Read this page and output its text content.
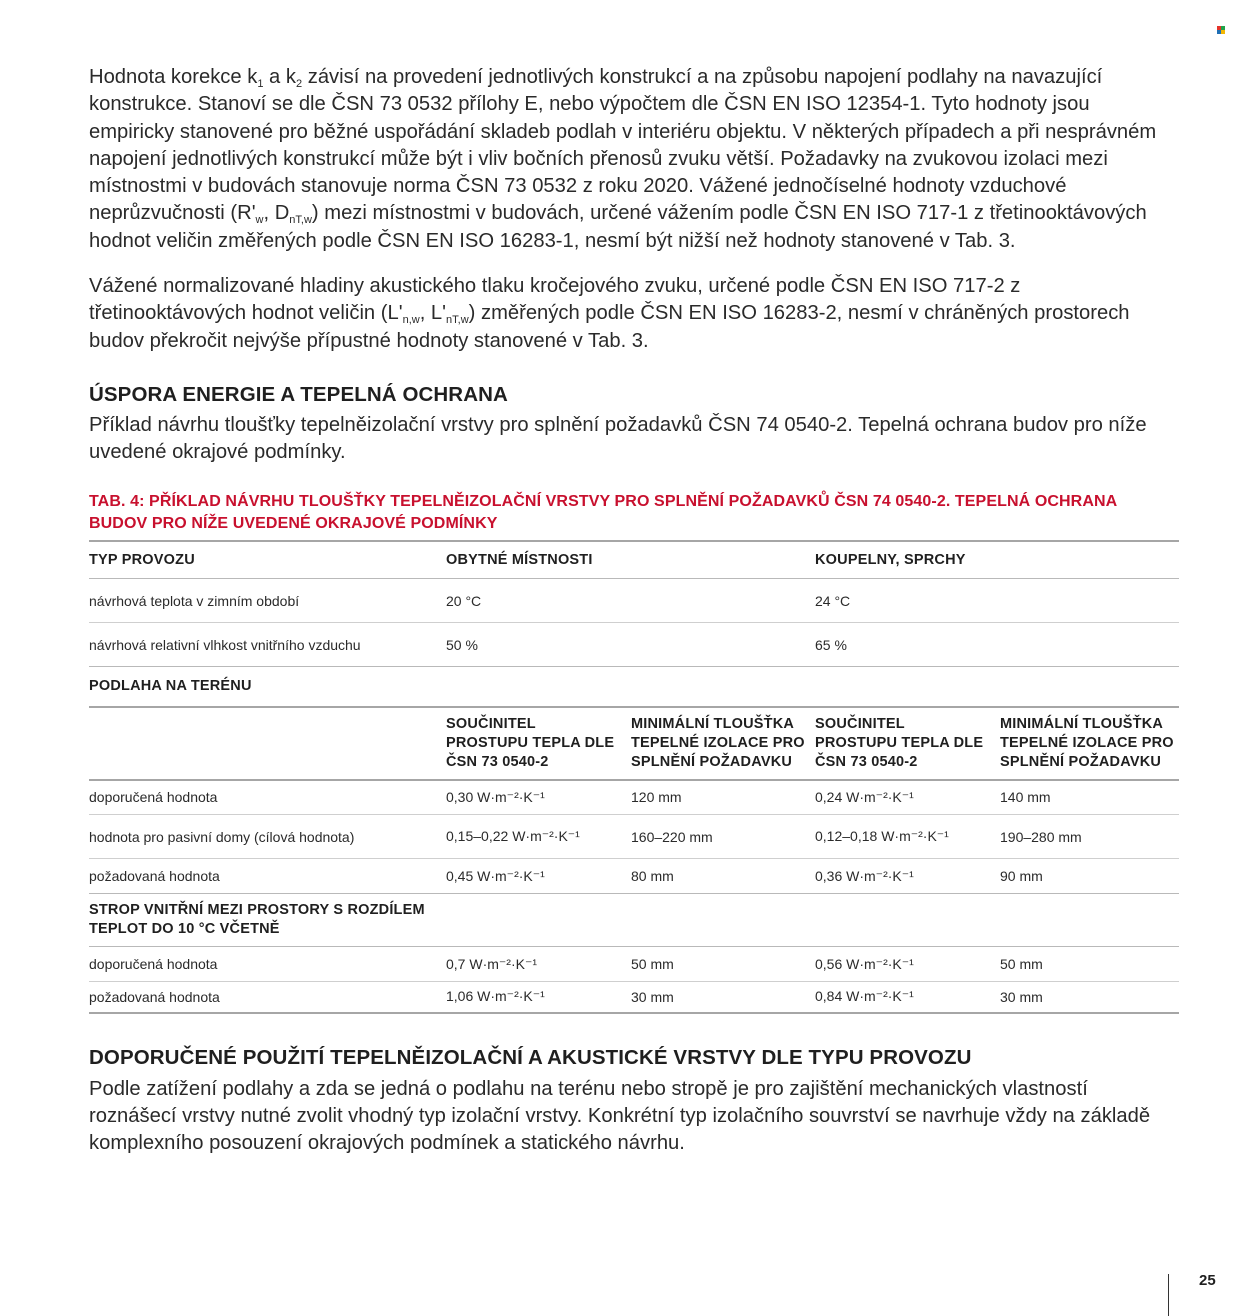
Hodnota korekce $k_1$ a $k_2$ závisí na provedení jednotlivých konstrukcí a na způsobu napojení podlahy na navazující konstrukce. Stanoví se dle ČSN 73 0532 přílohy E, nebo výpočtem dle ČSN EN ISO 12354-1. Tyto hodnoty jsou empiricky stanovené pro běžné uspořádání skladeb podlah v interiéru objektu. V některých případech a při nesprávném napojení jednotlivých konstrukcí může být i vliv bočních přenosů zvuku větší. Požadavky na zvukovou izolaci mezi místnostmi v budovách stanovuje norma ČSN 73 0532 z roku 2020. Vážené jednočíselné hodnoty vzduchové neprůzvučnosti ($R'_w$, $D_{nT,w}$) mezi místnostmi v budovách, určené vážením podle ČSN EN ISO 717-1 z třetinooktávových hodnot veličin změřených podle ČSN EN ISO 16283-1, nesmí být nižší než hodnoty stanovené v Tab. 3.

Vážené normalizované hladiny akustického tlaku kročejového zvuku, určené podle ČSN EN ISO 717-2 z třetinooktávových hodnot veličin ($L'_{n,w}$, $L'_{nT,w}$) změřených podle ČSN EN ISO 16283-2, nesmí v chráněných prostorech budov překročit nejvýše přípustné hodnoty stanovené v Tab. 3.

ÚSPORA ENERGIE A TEPELNÁ OCHRANA

Příklad návrhu tloušťky tepelněizolační vrstvy pro splnění požadavků ČSN 74 0540-2. Tepelná ochrana budov pro níže uvedené okrajové podmínky.

TAB. 4: PŘÍKLAD NÁVRHU TLOUŠŤKY TEPELNĚIZOLAČNÍ VRSTVY PRO SPLNĚNÍ POŽADAVKŮ ČSN 74 0540-2. TEPELNÁ OCHRANA BUDOV PRO NÍŽE UVEDENÉ OKRAJOVÉ PODMÍNKY
TYP PROVOZU	OBYTNÉ MÍSTNOSTI		KOUPELNY, SPRCHY	
návrhová teplota v zimním období	20 °C		24 °C	
návrhová relativní vlhkost vnitřního vzduchu	50 %		65 %	
PODLAHA NA TERÉNU				
	SOUČINITEL PROSTUPU TEPLA DLE ČSN 73 0540-2	MINIMÁLNÍ TLOUŠŤKA TEPELNÉ IZOLACE PRO SPLNĚNÍ POŽADAVKU	SOUČINITEL PROSTUPU TEPLA DLE ČSN 73 0540-2	MINIMÁLNÍ TLOUŠŤKA TEPELNÉ IZOLACE PRO SPLNĚNÍ POŽADAVKU
doporučená hodnota	0,30 W·m⁻²·K⁻¹	120 mm	0,24 W·m⁻²·K⁻¹	140 mm
hodnota pro pasivní domy (cílová hodnota)	0,15–0,22 W·m⁻²·K⁻¹	160–220 mm	0,12–0,18 W·m⁻²·K⁻¹	190–280 mm
požadovaná hodnota	0,45 W·m⁻²·K⁻¹	80 mm	0,36 W·m⁻²·K⁻¹	90 mm
STROP VNITŘNÍ MEZI PROSTORY S ROZDÍLEM TEPLOT DO 10 °C VČETNĚ				
doporučená hodnota	0,7 W·m⁻²·K⁻¹	50 mm	0,56 W·m⁻²·K⁻¹	50 mm
požadovaná hodnota	1,06 W·m⁻²·K⁻¹	30 mm	0,84 W·m⁻²·K⁻¹	30 mm
DOPORUČENÉ POUŽITÍ TEPELNĚIZOLAČNÍ A AKUSTICKÉ VRSTVY DLE TYPU PROVOZU

Podle zatížení podlahy a zda se jedná o podlahu na terénu nebo stropě je pro zajištění mechanických vlastností roznášecí vrstvy nutné zvolit vhodný typ izolační vrstvy. Konkrétní typ izolačního souvrství se navrhuje vždy na základě komplexního posouzení okrajových podmínek a statického návrhu.

25
